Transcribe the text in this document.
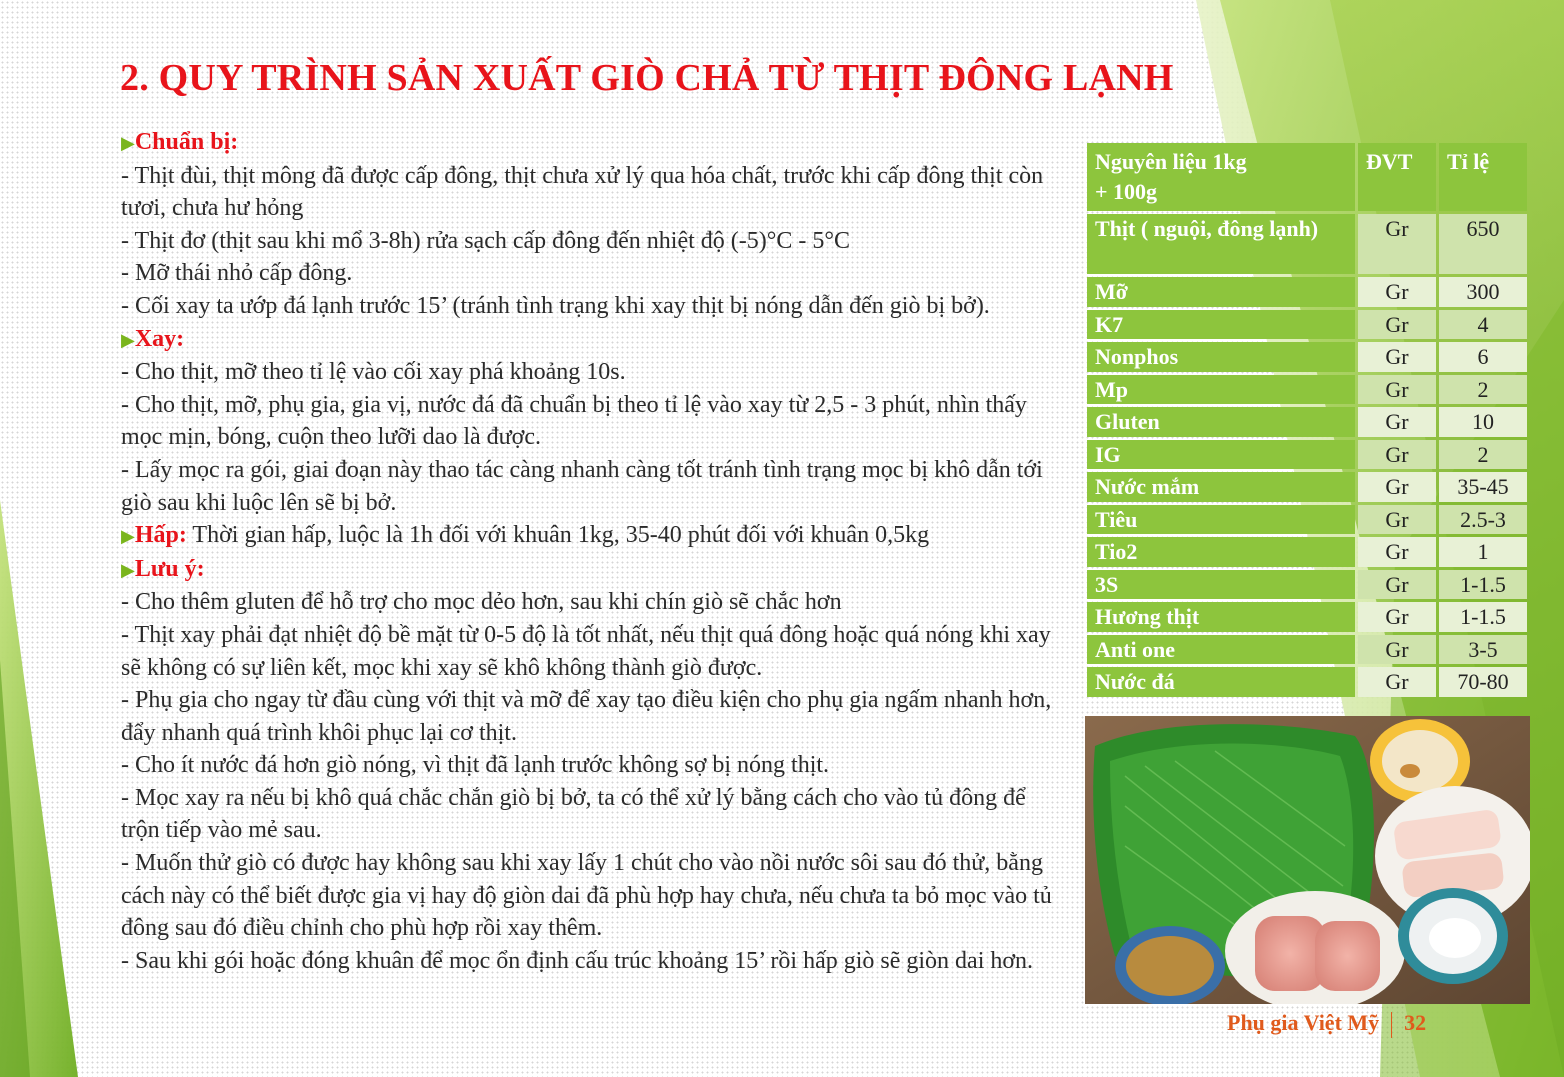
2. QUY TRÌNH SẢN XUẤT GIÒ CHẢ TỪ THỊT ĐÔNG LẠNH

▶Chuẩn bị:

- Thịt đùi, thịt mông đã được cấp đông, thịt chưa xử lý qua hóa chất, trước khi cấp đông thịt còn tươi, chưa hư hỏng

- Thịt đơ (thịt sau khi mổ 3-8h) rửa sạch cấp đông đến nhiệt độ (-5)°C - 5°C

- Mỡ thái nhỏ cấp đông.

- Cối xay ta ướp đá lạnh trước 15’ (tránh tình trạng khi xay thịt bị nóng dẫn đến giò bị bở).

▶Xay:

- Cho thịt, mỡ theo tỉ lệ vào cối xay phá khoảng 10s.

- Cho thịt, mỡ, phụ gia, gia vị, nước đá đã chuẩn bị theo tỉ lệ vào xay từ 2,5 - 3 phút, nhìn thấy mọc mịn, bóng, cuộn theo lưỡi dao là được.

- Lấy mọc ra gói, giai đoạn này thao tác càng nhanh càng tốt tránh tình trạng mọc bị khô dẫn tới giò sau khi luộc lên sẽ bị bở.

▶Hấp: Thời gian hấp, luộc là 1h đối với khuân 1kg, 35-40 phút đối với khuân 0,5kg

▶Lưu ý:

- Cho thêm gluten để hỗ trợ cho mọc dẻo hơn, sau khi chín giò sẽ chắc hơn

- Thịt xay phải đạt nhiệt độ bề mặt từ 0-5 độ là tốt nhất, nếu thịt quá đông hoặc quá nóng khi xay sẽ không có sự liên kết, mọc khi xay sẽ khô không thành giò được.

- Phụ gia cho ngay từ đầu cùng với thịt và mỡ để xay tạo điều kiện cho phụ gia ngấm nhanh hơn, đẩy nhanh quá trình khôi phục lại cơ thịt.

- Cho ít nước đá hơn giò nóng, vì thịt đã lạnh trước không sợ bị nóng thịt.

- Mọc xay ra nếu bị khô quá chắc chắn giò bị bở, ta có thể xử lý bằng cách cho vào tủ đông để trộn tiếp vào mẻ sau.

- Muốn thử giò có được hay không sau khi xay lấy 1 chút cho vào nồi nước sôi sau đó thử, bằng cách này có thể biết được gia vị hay độ giòn dai đã phù hợp hay chưa, nếu chưa ta bỏ mọc vào tủ đông sau đó điều chỉnh cho phù hợp rồi xay thêm.

- Sau khi gói hoặc đóng khuân để mọc ổn định cấu trúc khoảng 15’ rồi hấp giò sẽ giòn dai hơn.

Nguyên liệu 1kg
+ 100g	ĐVT	Tỉ lệ
Thịt ( nguội, đông lạnh)	Gr	650
Mỡ	Gr	300
K7	Gr	4
Nonphos	Gr	6
Mp	Gr	2
Gluten	Gr	10
IG	Gr	2
Nước mắm	Gr	35-45
Tiêu	Gr	2.5-3
Tio2	Gr	1
3S	Gr	1-1.5
Hương thịt	Gr	1-1.5
Anti one	Gr	3-5
Nước đá	Gr	70-80
Phụ gia Việt Mỹ 32
